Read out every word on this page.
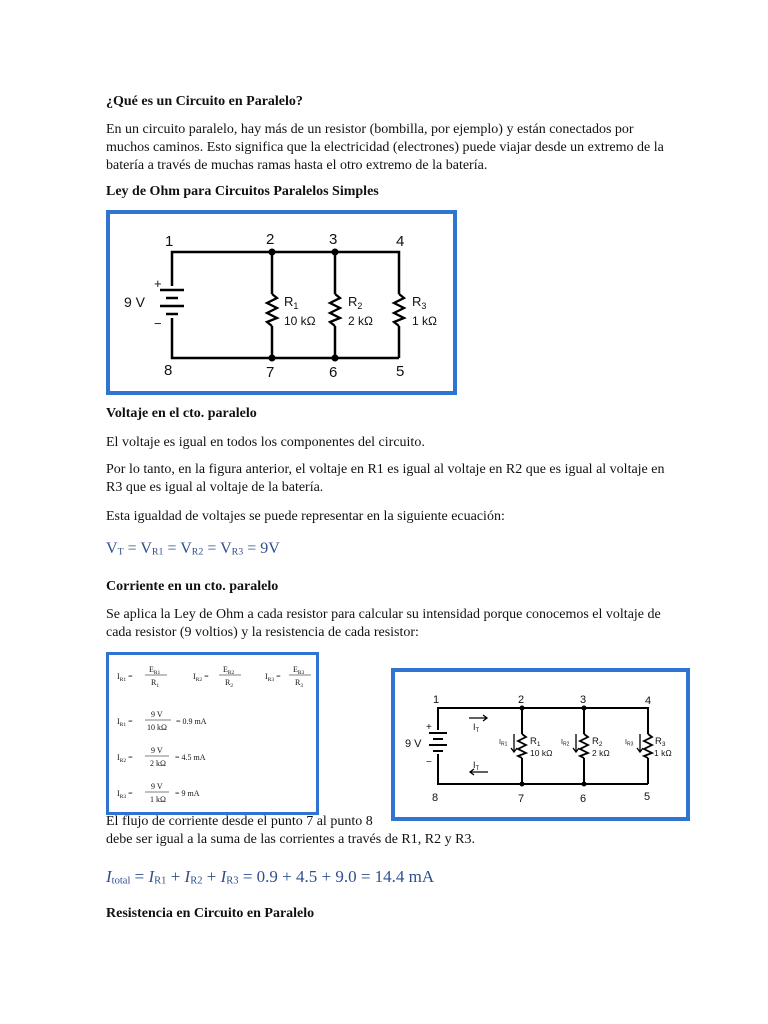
¿Qué es un Circuito en Paralelo?
En un circuito paralelo, hay más de un resistor (bombilla, por ejemplo) y están conectados por
muchos caminos. Esto significa que la electricidad (electrones) puede viajar desde un extremo de la
batería a través de muchas ramas hasta el otro extremo de la batería.
Ley de Ohm para Circuitos Paralelos Simples
1	2	3	4
5
6
7
8
9 V
+
−
$R_1$
10 kΩ
$R_2$
2 kΩ
$R_3$
1 kΩ
Voltaje en el cto. paralelo
El voltaje es igual en todos los componentes del circuito.
Por lo tanto, en la figura anterior, el voltaje en R1 es igual al voltaje en R2 que es igual al voltaje en
R3 que es igual al voltaje de la batería.
Esta igualdad de voltajes se puede representar en la siguiente ecuación:
$V_T = V_{R1} = V_{R2} = V_{R3} = 9V$
Corriente en un cto. paralelo
Se aplica la Ley de Ohm a cada resistor para calcular su intensidad porque conocemos el voltaje de
cada resistor (9 voltios) y la resistencia de cada resistor:
$I_{R1}$ =
$E_{R1}$
$R_1$
$I_{R2}$ =
$E_{R2}$
$R_2$
$I_{R3}$ =
$E_{R3}$
$R_3$
$I_{R1}$ =
9 V
10 kΩ
= 0.9 mA
$I_{R2}$ =
9 V
2 kΩ
= 4.5 mA
$I_{R3}$ =
9 V
1 kΩ
= 9 mA
1	2	3	4
5
6
7
8
9 V
+
−
$I_T$
$I_T$
$I_{R1}$	$I_{R2}$	$I_{R3}$
$R_1$
10 kΩ
$R_2$
2 kΩ
$R_3$
1 kΩ
El flujo de corriente desde el punto 7 al punto 8
debe ser igual a la suma de las corrientes a través de R1, R2 y R3.
$I_{total} = I_{R1} + I_{R2} + I_{R3} = 0.9 + 4.5 + 9.0 = 14.4$ mA
Resistencia en Circuito en Paralelo
